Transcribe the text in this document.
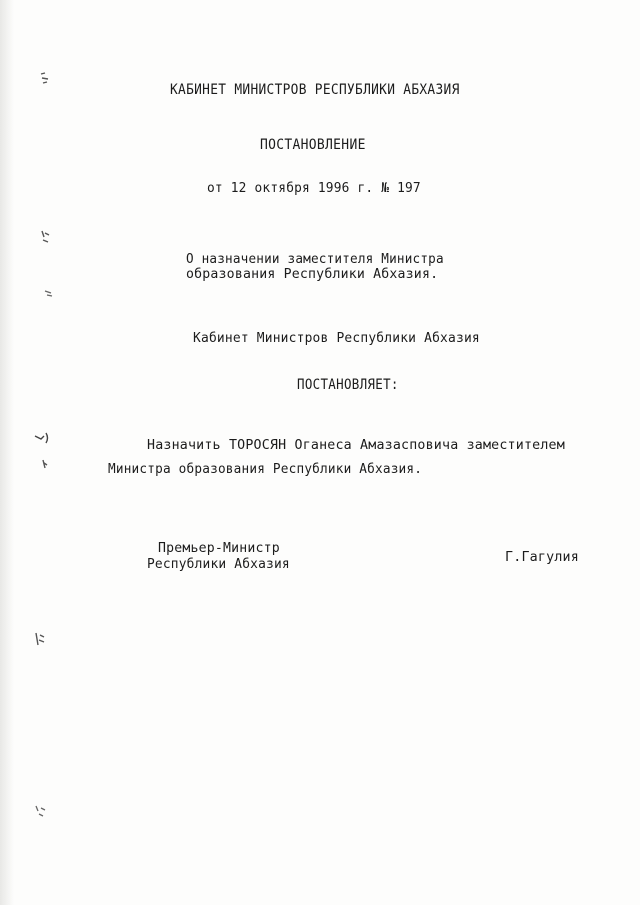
КАБИНЕТ МИНИСТРОВ РЕСПУБЛИКИ АБХАЗИЯ
ПОСТАНОВЛЕНИЕ
от 12 октября 1996 г. № 197
О назначении заместителя Министра
образования Республики Абхазия.
Кабинет Министров Республики Абхазия
ПОСТАНОВЛЯЕТ:
Назначить ТОРОСЯН Оганеса Амазасповича заместителем
Министра образования Республики Абхазия.
Премьер-Министр
Республики Абхазия	Г.Гагулия
